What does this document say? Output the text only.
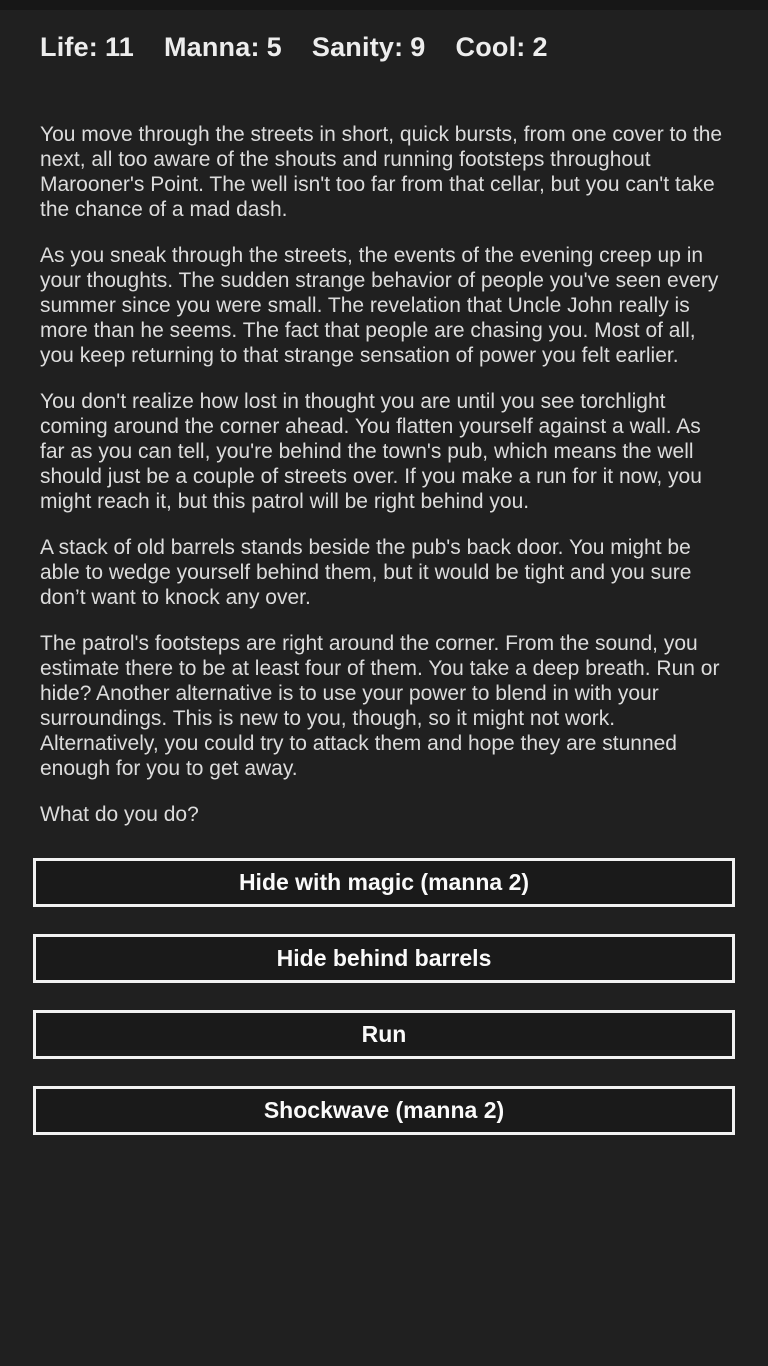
Life: 11 Manna: 5 Sanity: 9 Cool: 2

You move through the streets in short, quick bursts, from one cover to the next, all too aware of the shouts and running footsteps throughout Marooner's Point. The well isn't too far from that cellar, but you can't take the chance of a mad dash.

As you sneak through the streets, the events of the evening creep up in your thoughts. The sudden strange behavior of people you've seen every summer since you were small. The revelation that Uncle John really is more than he seems. The fact that people are chasing you. Most of all, you keep returning to that strange sensation of power you felt earlier.

You don't realize how lost in thought you are until you see torchlight coming around the corner ahead. You flatten yourself against a wall. As far as you can tell, you're behind the town's pub, which means the well should just be a couple of streets over. If you make a run for it now, you might reach it, but this patrol will be right behind you.

A stack of old barrels stands beside the pub's back door. You might be able to wedge yourself behind them, but it would be tight and you sure don’t want to knock any over.

The patrol's footsteps are right around the corner. From the sound, you estimate there to be at least four of them. You take a deep breath. Run or hide? Another alternative is to use your power to blend in with your surroundings. This is new to you, though, so it might not work. Alternatively, you could try to attack them and hope they are stunned enough for you to get away.

What do you do?

Hide with magic (manna 2)
Hide behind barrels
Run
Shockwave (manna 2)
